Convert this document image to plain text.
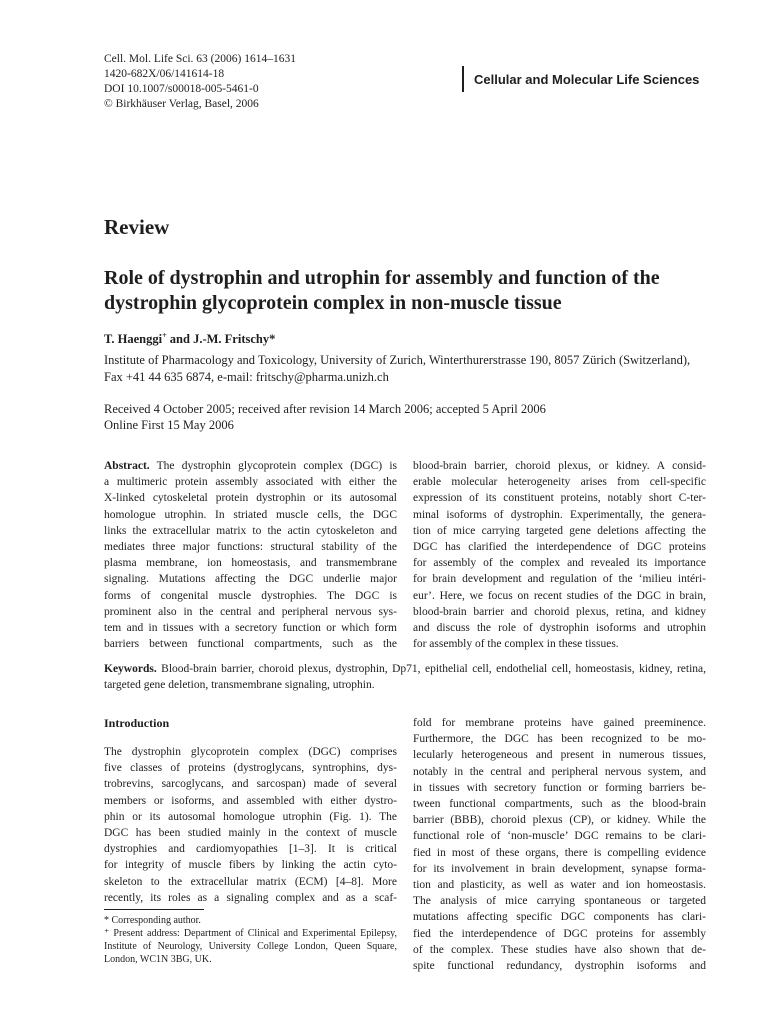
Cell. Mol. Life Sci. 63 (2006) 1614–1631
1420-682X/06/141614-18
DOI 10.1007/s00018-005-5461-0
© Birkhäuser Verlag, Basel, 2006
Cellular and Molecular Life Sciences
Review
Role of dystrophin and utrophin for assembly and function of the dystrophin glycoprotein complex in non-muscle tissue
T. Haenggi+ and J.-M. Fritschy*
Institute of Pharmacology and Toxicology, University of Zurich, Winterthurerstrasse 190, 8057 Zürich (Switzerland), Fax +41 44 635 6874, e-mail: fritschy@pharma.unizh.ch
Received 4 October 2005; received after revision 14 March 2006; accepted 5 April 2006
Online First 15 May 2006
Abstract. The dystrophin glycoprotein complex (DGC) is
a multimeric protein assembly associated with either the
X-linked cytoskeletal protein dystrophin or its autosomal
homologue utrophin. In striated muscle cells, the DGC
links the extracellular matrix to the actin cytoskeleton and
mediates three major functions: structural stability of the
plasma membrane, ion homeostasis, and transmembrane
signaling. Mutations affecting the DGC underlie major
forms of congenital muscle dystrophies. The DGC is
prominent also in the central and peripheral nervous sys-
tem and in tissues with a secretory function or which form
barriers between functional compartments, such as the
blood-brain barrier, choroid plexus, or kidney. A consid-
erable molecular heterogeneity arises from cell-specific
expression of its constituent proteins, notably short C-ter-
minal isoforms of dystrophin. Experimentally, the genera-
tion of mice carrying targeted gene deletions affecting the
DGC has clarified the interdependence of DGC proteins
for assembly of the complex and revealed its importance
for brain development and regulation of the ‘milieu intéri-
eur’. Here, we focus on recent studies of the DGC in brain,
blood-brain barrier and choroid plexus, retina, and kidney
and discuss the role of dystrophin isoforms and utrophin
for assembly of the complex in these tissues.
Keywords. Blood-brain barrier, choroid plexus, dystrophin, Dp71, epithelial cell, endothelial cell, homeostasis, kidney, retina, targeted gene deletion, transmembrane signaling, utrophin.
Introduction
The dystrophin glycoprotein complex (DGC) comprises
five classes of proteins (dystroglycans, syntrophins, dys-
trobrevins, sarcoglycans, and sarcospan) made of several
members or isoforms, and assembled with either dystro-
phin or its autosomal homologue utrophin (Fig. 1). The
DGC has been studied mainly in the context of muscle
dystrophies and cardiomyopathies [1–3]. It is critical
for integrity of muscle fibers by linking the actin cyto-
skeleton to the extracellular matrix (ECM) [4–8]. More
recently, its roles as a signaling complex and as a scaf-
fold for membrane proteins have gained preeminence.
Furthermore, the DGC has been recognized to be mo-
lecularly heterogeneous and present in numerous tissues,
notably in the central and peripheral nervous system, and
in tissues with secretory function or forming barriers be-
tween functional compartments, such as the blood-brain
barrier (BBB), choroid plexus (CP), or kidney. While the
functional role of ‘non-muscle’ DGC remains to be clari-
fied in most of these organs, there is compelling evidence
for its involvement in brain development, synapse forma-
tion and plasticity, as well as water and ion homeostasis.
The analysis of mice carrying spontaneous or targeted
mutations affecting specific DGC components has clari-
fied the interdependence of DGC proteins for assembly
of the complex. These studies have also shown that de-
spite functional redundancy, dystrophin isoforms and
* Corresponding author.
⁺ Present address: Department of Clinical and Experimental Epilepsy, Institute of Neurology, University College London, Queen Square, London, WC1N 3BG, UK.
